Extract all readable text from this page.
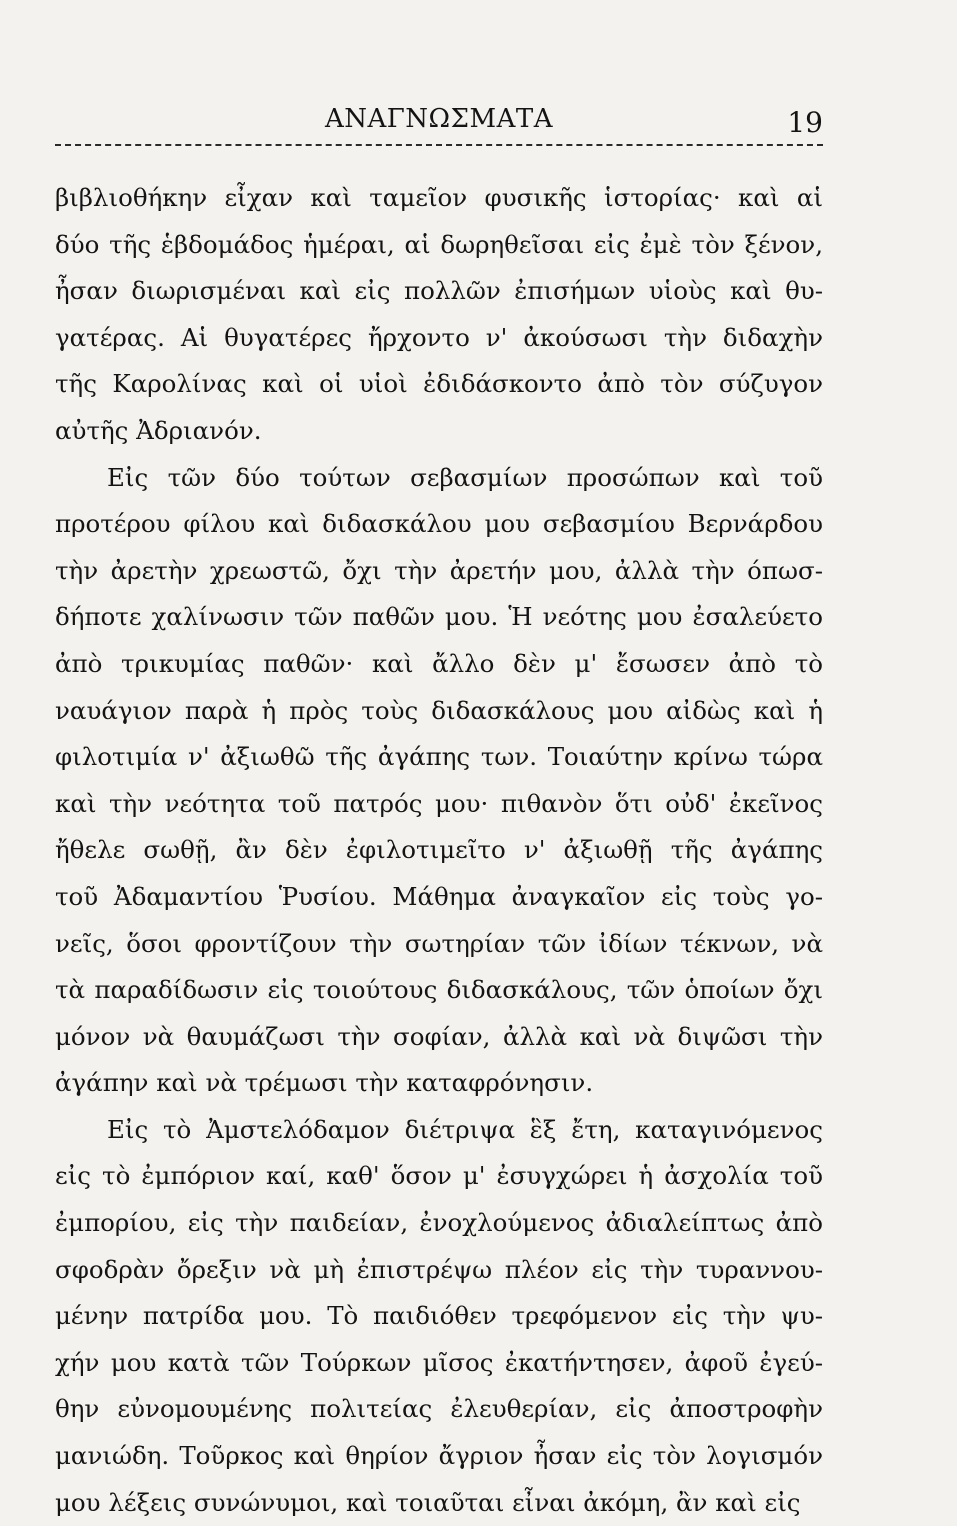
ΑΝΑΓΝΩΣΜΑΤΑ	19
βιβλιοθήκην εἶχαν καὶ ταμεῖον φυσικῆς ἱστορίας· καὶ αἱ
δύο τῆς ἑβδομάδος ἡμέραι, αἱ δωρηθεῖσαι εἰς ἐμὲ τὸν ξένον,
ἦσαν διωρισμέναι καὶ εἰς πολλῶν ἐπισήμων υἱοὺς καὶ θυ-
γατέρας. Αἱ θυγατέρες ἤρχοντο ν' ἀκούσωσι τὴν διδαχὴν
τῆς Καρολίνας καὶ οἱ υἱοὶ ἐδιδάσκοντο ἀπὸ τὸν σύζυγον
αὐτῆς Ἀδριανόν.
Εἰς τῶν δύο τούτων σεβασμίων προσώπων καὶ τοῦ
προτέρου φίλου καὶ διδασκάλου μου σεβασμίου Βερνάρδου
τὴν ἀρετὴν χρεωστῶ, ὄχι τὴν ἀρετήν μου, ἀλλὰ τὴν όπωσ-
δήποτε χαλίνωσιν τῶν παθῶν μου. Ἡ νεότης μου ἐσαλεύετο
ἀπὸ τρικυμίας παθῶν· καὶ ἄλλο δὲν μ' ἔσωσεν ἀπὸ τὸ
ναυάγιον παρὰ ἡ πρὸς τοὺς διδασκάλους μου αἰδὼς καὶ ἡ
φιλοτιμία ν' ἀξιωθῶ τῆς ἀγάπης των. Τοιαύτην κρίνω τώρα
καὶ τὴν νεότητα τοῦ πατρός μου· πιθανὸν ὅτι οὐδ' ἐκεῖνος
ἤθελε σωθῇ, ἂν δὲν ἐφιλοτιμεῖτο ν' ἀξιωθῇ τῆς ἀγάπης
τοῦ Ἀδαμαντίου Ῥυσίου. Μάθημα ἀναγκαῖον εἰς τοὺς γο-
νεῖς, ὅσοι φροντίζουν τὴν σωτηρίαν τῶν ἰδίων τέκνων, νὰ
τὰ παραδίδωσιν εἰς τοιούτους διδασκάλους, τῶν ὁποίων ὄχι
μόνον νὰ θαυμάζωσι τὴν σοφίαν, ἀλλὰ καὶ νὰ διψῶσι τὴν
ἀγάπην καὶ νὰ τρέμωσι τὴν καταφρόνησιν.
Εἰς τὸ Ἀμστελόδαμον διέτριψα ἓξ ἔτη, καταγινόμενος
εἰς τὸ ἐμπόριον καί, καθ' ὅσον μ' ἐσυγχώρει ἡ ἀσχολία τοῦ
ἐμπορίου, εἰς τὴν παιδείαν, ἐνοχλούμενος ἀδιαλείπτως ἀπὸ
σφοδρὰν ὄρεξιν νὰ μὴ ἐπιστρέψω πλέον εἰς τὴν τυραννου-
μένην πατρίδα μου. Τὸ παιδιόθεν τρεφόμενον εἰς τὴν ψυ-
χήν μου κατὰ τῶν Τούρκων μῖσος ἐκατήντησεν, ἀφοῦ ἐγεύ-
θην εὐνομουμένης πολιτείας ἐλευθερίαν, εἰς ἀποστροφὴν
μανιώδη. Τοῦρκος καὶ θηρίον ἄγριον ἦσαν εἰς τὸν λογισμόν
μου λέξεις συνώνυμοι, καὶ τοιαῦται εἶναι ἀκόμη, ἂν καὶ εἰς
